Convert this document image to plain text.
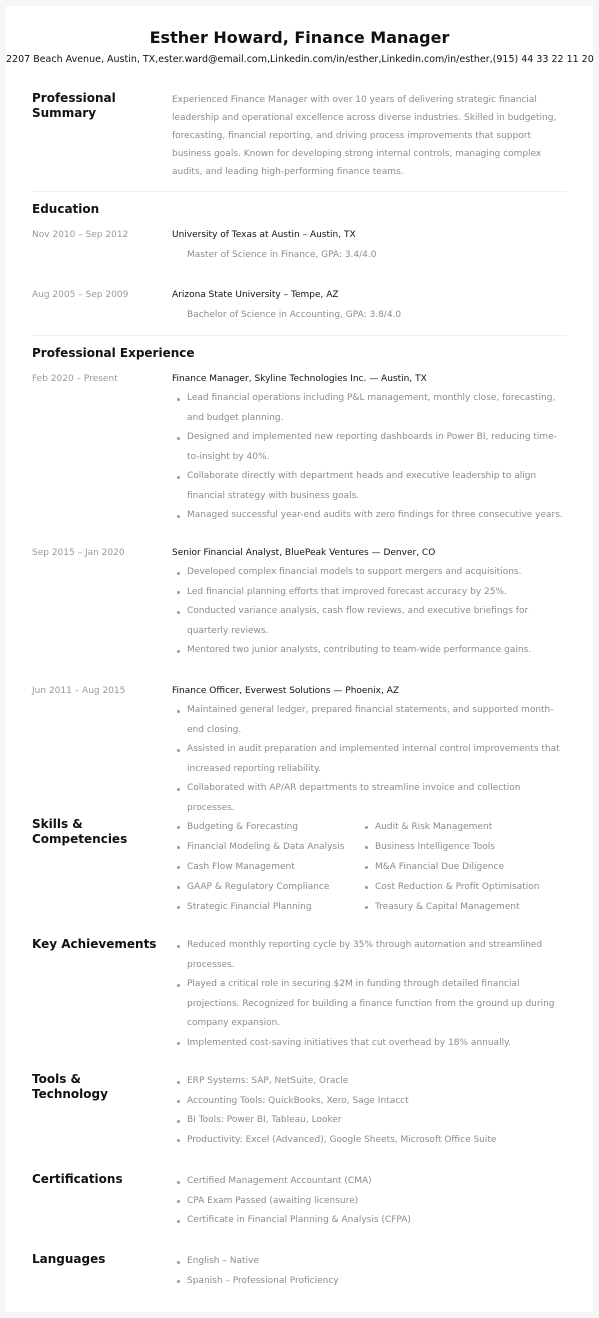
Esther Howard, Finance Manager
2207 Beach Avenue, Austin, TX,ester.ward@email.com,Linkedin.com/in/esther,Linkedin.com/in/esther,(915) 44 33 22 11 20
Professional Summary
Experienced Finance Manager with over 10 years of delivering strategic financial leadership and operational excellence across diverse industries. Skilled in budgeting, forecasting, financial reporting, and driving process improvements that support business goals. Known for developing strong internal controls, managing complex audits, and leading high-performing finance teams.
Education
Nov 2010 – Sep 2012	University of Texas at Austin – Austin, TX
Master of Science in Finance, GPA: 3.4/4.0
Aug 2005 – Sep 2009	Arizona State University – Tempe, AZ
Bachelor of Science in Accounting, GPA: 3.8/4.0
Professional Experience
Feb 2020 – Present	Finance Manager, Skyline Technologies Inc. — Austin, TX
Lead financial operations including P&L management, monthly close, forecasting, and budget planning.
Designed and implemented new reporting dashboards in Power BI, reducing time-to-insight by 40%.
Collaborate directly with department heads and executive leadership to align financial strategy with business goals.
Managed successful year-end audits with zero findings for three consecutive years.
Sep 2015 – Jan 2020	Senior Financial Analyst, BluePeak Ventures — Denver, CO
Developed complex financial models to support mergers and acquisitions.
Led financial planning efforts that improved forecast accuracy by 25%.
Conducted variance analysis, cash flow reviews, and executive briefings for quarterly reviews.
Mentored two junior analysts, contributing to team-wide performance gains.
Jun 2011 – Aug 2015	Finance Officer, Everwest Solutions — Phoenix, AZ
Maintained general ledger, prepared financial statements, and supported month-end closing.
Assisted in audit preparation and implemented internal control improvements that increased reporting reliability.
Collaborated with AP/AR departments to streamline invoice and collection processes.
Skills & Competencies
Budgeting & Forecasting	Audit & Risk Management
Financial Modeling & Data Analysis	Business Intelligence Tools
Cash Flow Management	M&A Financial Due Diligence
GAAP & Regulatory Compliance	Cost Reduction & Profit Optimisation
Strategic Financial Planning	Treasury & Capital Management
Key Achievements	Reduced monthly reporting cycle by 35% through automation and streamlined processes.
Played a critical role in securing $2M in funding through detailed financial projections. Recognized for building a finance function from the ground up during company expansion.
Implemented cost-saving initiatives that cut overhead by 18% annually.
Tools & Technology
ERP Systems: SAP, NetSuite, Oracle
Accounting Tools: QuickBooks, Xero, Sage Intacct
BI Tools: Power BI, Tableau, Looker
Productivity: Excel (Advanced), Google Sheets, Microsoft Office Suite
Certifications	Certified Management Accountant (CMA)
CPA Exam Passed (awaiting licensure)
Certificate in Financial Planning & Analysis (CFPA)
Languages	English – Native
Spanish – Professional Proficiency
